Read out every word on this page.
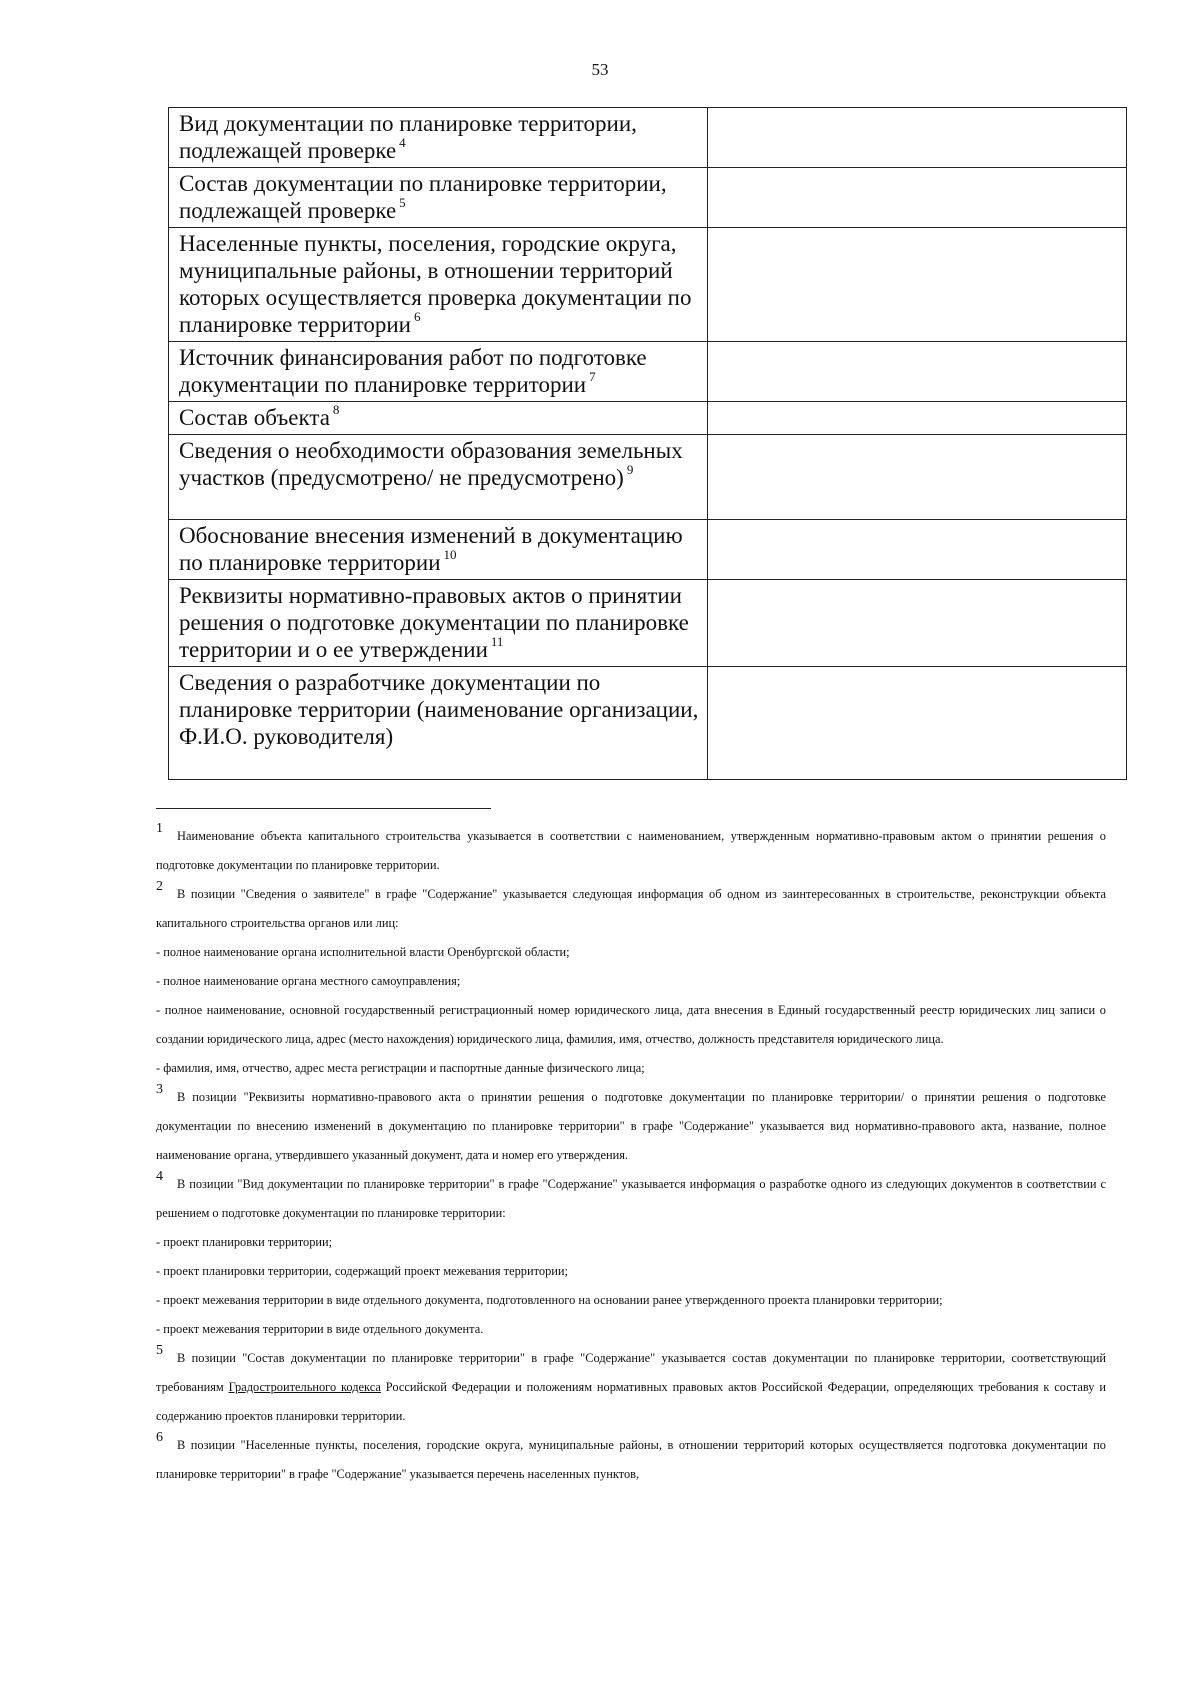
53
Вид документации по планировке территории, подлежащей проверке $^4$	
Состав документации по планировке территории, подлежащей проверке $^5$	
Населенные пункты, поселения, городские округа, муниципальные районы, в отношении территорий которых осуществляется проверка документации по планировке территории $^6$	
Источник финансирования работ по подготовке документации по планировке территории $^7$	
Состав объекта $^8$	
Сведения о необходимости образования земельных участков (предусмотрено/ не предусмотрено) $^9$	
Обоснование внесения изменений в документацию по планировке территории $^{10}$	
Реквизиты нормативно-правовых актов о принятии решения о подготовке документации по планировке территории и о ее утверждении $^{11}$	
Сведения о разработчике документации по планировке территории (наименование организации, Ф.И.О. руководителя)	

1 Наименование объекта капитального строительства указывается в соответствии с наименованием, утвержденным нормативно-правовым актом о принятии решения о подготовке документации по планировке территории.

2 В позиции "Сведения о заявителе" в графе "Содержание" указывается следующая информация об одном из заинтересованных в строительстве, реконструкции объекта капитального строительства органов или лиц:

- полное наименование органа исполнительной власти Оренбургской области;

- полное наименование органа местного самоуправления;

- полное наименование, основной государственный регистрационный номер юридического лица, дата внесения в Единый государственный реестр юридических лиц записи о создании юридического лица, адрес (место нахождения) юридического лица, фамилия, имя, отчество, должность представителя юридического лица.

- фамилия, имя, отчество, адрес места регистрации и паспортные данные физического лица;

3 В позиции "Реквизиты нормативно-правового акта о принятии решения о подготовке документации по планировке территории/ о принятии решения о подготовке документации по внесению изменений в документацию по планировке территории" в графе "Содержание" указывается вид нормативно-правового акта, название, полное наименование органа, утвердившего указанный документ, дата и номер его утверждения.

4 В позиции "Вид документации по планировке территории" в графе "Содержание" указывается информация о разработке одного из следующих документов в соответствии с решением о подготовке документации по планировке территории:

- проект планировки территории;

- проект планировки территории, содержащий проект межевания территории;

- проект межевания территории в виде отдельного документа, подготовленного на основании ранее утвержденного проекта планировки территории;

- проект межевания территории в виде отдельного документа.

5 В позиции "Состав документации по планировке территории" в графе "Содержание" указывается состав документации по планировке территории, соответствующий требованиям Градостроительного кодекса Российской Федерации и положениям нормативных правовых актов Российской Федерации, определяющих требования к составу и содержанию проектов планировки территории.

6 В позиции "Населенные пункты, поселения, городские округа, муниципальные районы, в отношении территорий которых осуществляется подготовка документации по планировке территории" в графе "Содержание" указывается перечень населенных пунктов,
